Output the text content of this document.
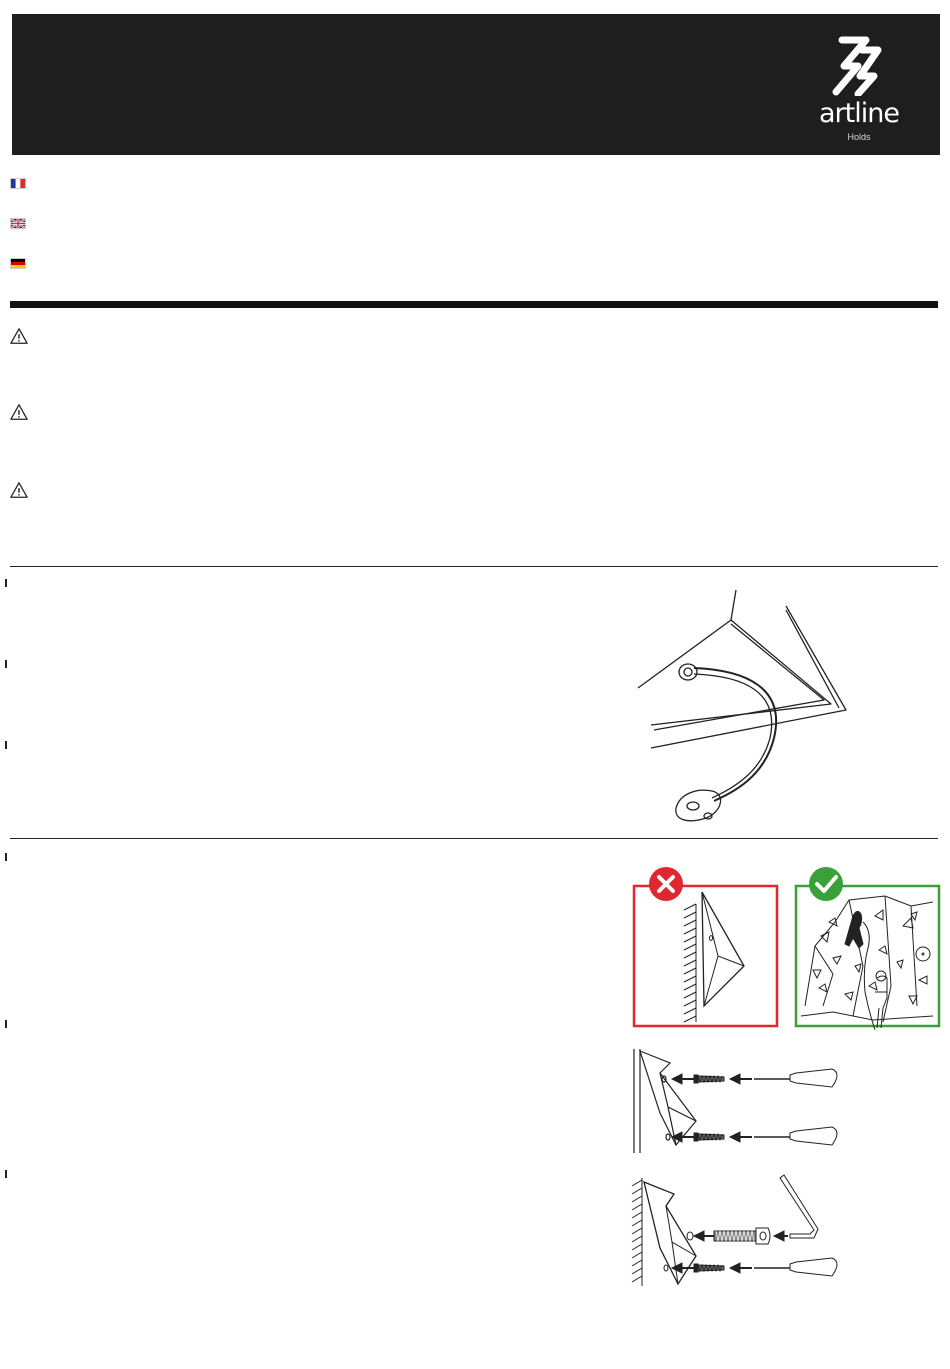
artline
Holds
